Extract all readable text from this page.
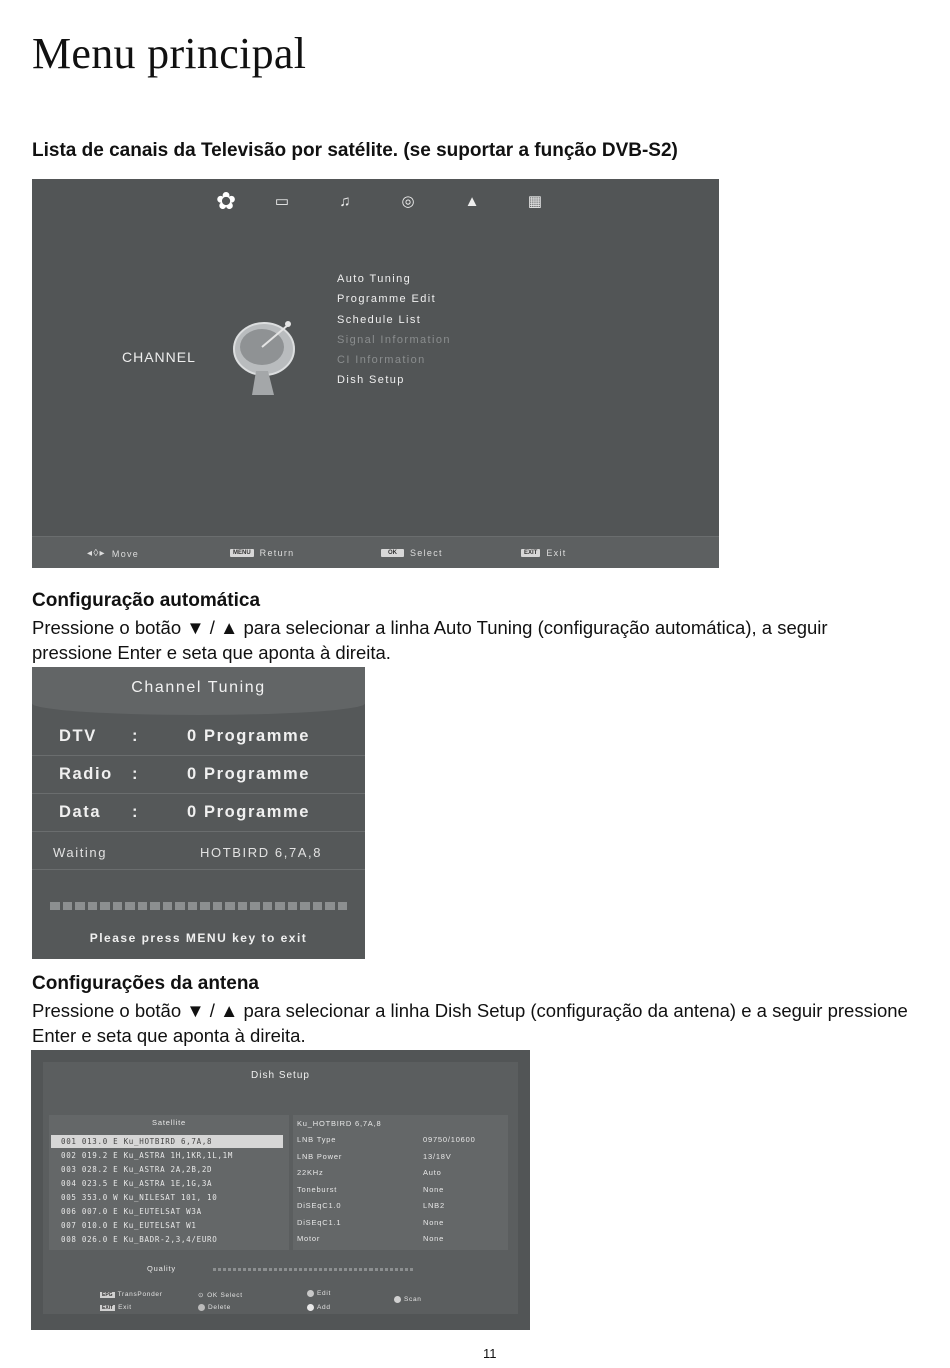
Menu principal
Lista de canais da Televisão por satélite. (se suportar a função DVB-S2)
✿	▭	♫	◎	▲	▦
CHANNEL
Auto Tuning
Programme Edit
Schedule List
Signal Information
CI Information
Dish Setup
◂◊▸ Move	MENU	Return	OK	Select	EXIT	Exit
Configuração automática
Pressione o botão ▼ / ▲ para selecionar a linha Auto Tuning (configuração automática), a seguir pressione Enter e seta que aponta à direita.
Channel Tuning
DTV :	0 Programme
Radio :	0 Programme
Data :	0 Programme
Waiting	HOTBIRD 6,7A,8
Please press MENU key to exit
Configurações da antena
Pressione o botão ▼ / ▲ para selecionar a linha Dish Setup (configuração da antena) e a seguir pressione Enter e seta que aponta à direita.
Dish Setup
Satellite
001 013.0 E Ku_HOTBIRD 6,7A,8
002 019.2 E Ku_ASTRA 1H,1KR,1L,1M
003 028.2 E Ku_ASTRA 2A,2B,2D
004 023.5 E Ku_ASTRA 1E,1G,3A
005 353.0 W Ku_NILESAT 101, 10
006 007.0 E Ku_EUTELSAT W3A
007 010.0 E Ku_EUTELSAT W1
008 026.0 E Ku_BADR-2,3,4/EURO
Ku_HOTBIRD 6,7A,8
LNB Type	09750/10600
LNB Power	13/18V
22KHz	Auto
Toneburst	None
DiSEqC1.0	LNB2
DiSEqC1.1	None
Motor	None
Quality
EPG TransPonder
EXIT Exit
⊙ OK Select
Delete
Edit
Add
Scan
11
